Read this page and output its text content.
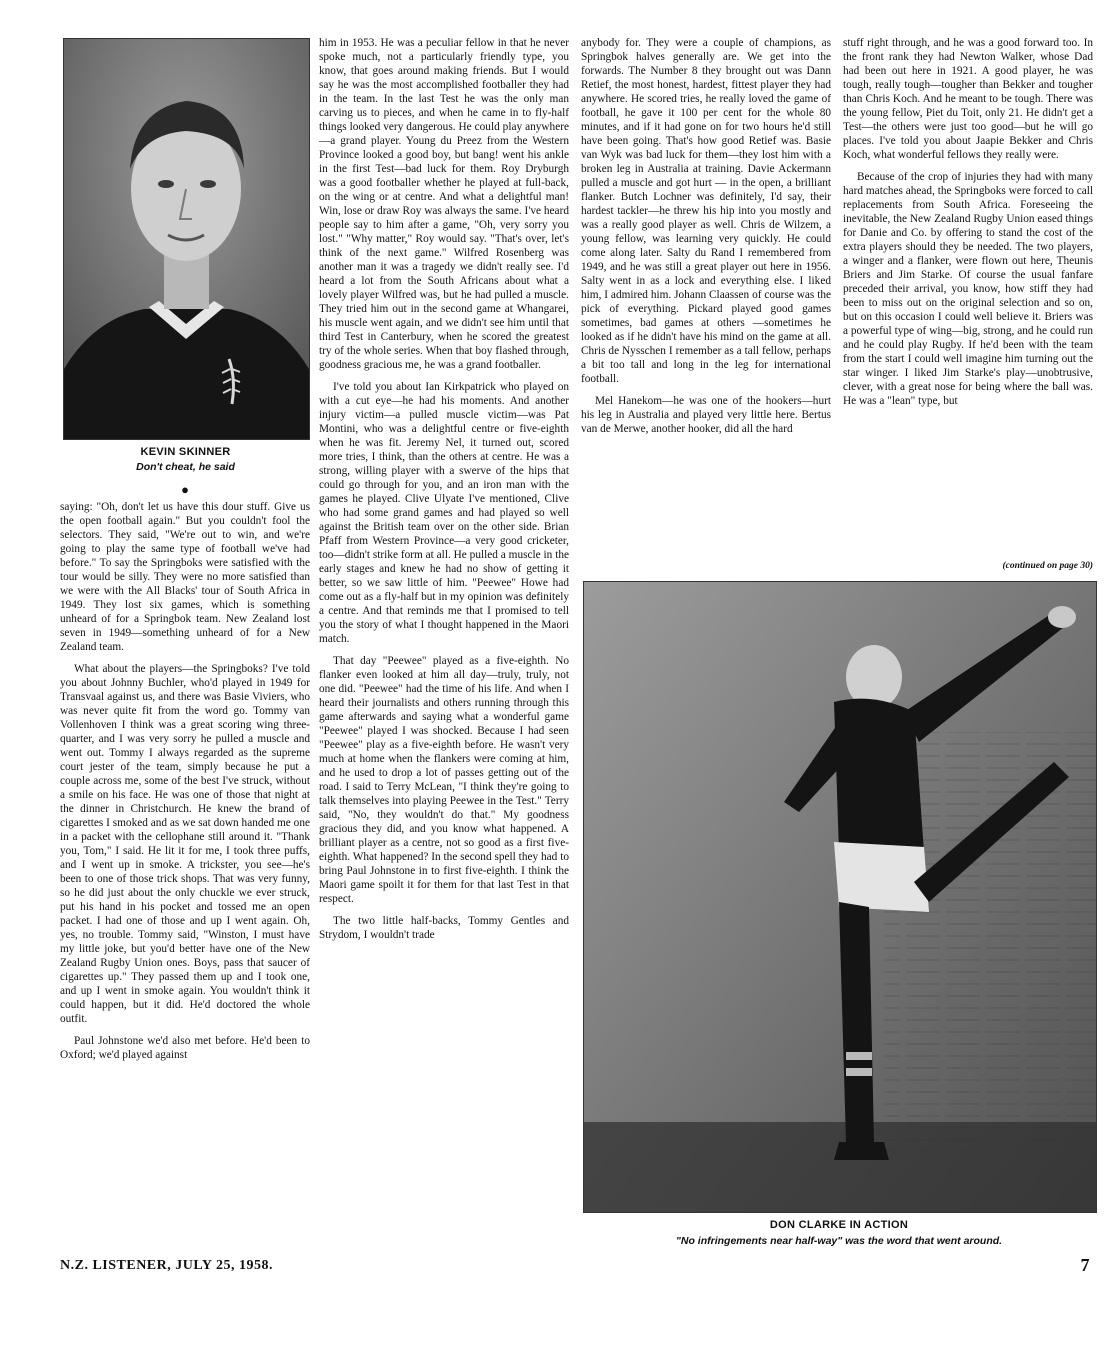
KEVIN SKINNER
Don't cheat, he said
●

saying: "Oh, don't let us have this dour stuff. Give us the open football again." But you couldn't fool the selectors. They said, "We're out to win, and we're going to play the same type of football we've had before." To say the Springboks were satisfied with the tour would be silly. They were no more satisfied than we were with the All Blacks' tour of South Africa in 1949. They lost six games, which is something unheard of for a Springbok team. New Zealand lost seven in 1949—something unheard of for a New Zealand team.

What about the players—the Springboks? I've told you about Johnny Buchler, who'd played in 1949 for Transvaal against us, and there was Basie Viviers, who was never quite fit from the word go. Tommy van Vollenhoven I think was a great scoring wing three-quarter, and I was very sorry he pulled a muscle and went out. Tommy I always regarded as the supreme court jester of the team, simply because he put a couple across me, some of the best I've struck, without a smile on his face. He was one of those that night at the dinner in Christchurch. He knew the brand of cigarettes I smoked and as we sat down handed me one in a packet with the cellophane still around it. "Thank you, Tom," I said. He lit it for me, I took three puffs, and I went up in smoke. A trickster, you see—he's been to one of those trick shops. That was very funny, so he did just about the only chuckle we ever struck, put his hand in his pocket and tossed me an open packet. I had one of those and up I went again. Oh, yes, no trouble. Tommy said, "Winston, I must have my little joke, but you'd better have one of the New Zealand Rugby Union ones. Boys, pass that saucer of cigarettes up." They passed them up and I took one, and up I went in smoke again. You wouldn't think it could happen, but it did. He'd doctored the whole outfit.

Paul Johnstone we'd also met before. He'd been to Oxford; we'd played against

him in 1953. He was a peculiar fellow in that he never spoke much, not a particularly friendly type, you know, that goes around making friends. But I would say he was the most accomplished footballer they had in the team. In the last Test he was the only man carving us to pieces, and when he came in to fly-half things looked very dangerous. He could play anywhere—a grand player. Young du Preez from the Western Province looked a good boy, but bang! went his ankle in the first Test—bad luck for them. Roy Dryburgh was a good footballer whether he played at full-back, on the wing or at centre. And what a delightful man! Win, lose or draw Roy was always the same. I've heard people say to him after a game, "Oh, very sorry you lost." "Why matter," Roy would say. "That's over, let's think of the next game." Wilfred Rosenberg was another man it was a tragedy we didn't really see. I'd heard a lot from the South Africans about what a lovely player Wilfred was, but he had pulled a muscle. They tried him out in the second game at Whangarei, his muscle went again, and we didn't see him until that third Test in Canterbury, when he scored the greatest try of the whole series. When that boy flashed through, goodness gracious me, he was a grand footballer.

I've told you about Ian Kirkpatrick who played on with a cut eye—he had his moments. And another injury victim—a pulled muscle victim—was Pat Montini, who was a delightful centre or five-eighth when he was fit. Jeremy Nel, it turned out, scored more tries, I think, than the others at centre. He was a strong, willing player with a swerve of the hips that could go through for you, and an iron man with the games he played. Clive Ulyate I've mentioned, Clive who had some grand games and had played so well against the British team over on the other side. Brian Pfaff from Western Province—a very good cricketer, too—didn't strike form at all. He pulled a muscle in the early stages and knew he had no show of getting it better, so we saw little of him. "Peewee" Howe had come out as a fly-half but in my opinion was definitely a centre. And that reminds me that I promised to tell you the story of what I thought happened in the Maori match.

That day "Peewee" played as a five-eighth. No flanker even looked at him all day—truly, truly, not one did. "Peewee" had the time of his life. And when I heard their journalists and others running through this game afterwards and saying what a wonderful game "Peewee" played I was shocked. Because I had seen "Peewee" play as a five-eighth before. He wasn't very much at home when the flankers were coming at him, and he used to drop a lot of passes getting out of the road. I said to Terry McLean, "I think they're going to talk themselves into playing Peewee in the Test." Terry said, "No, they wouldn't do that." My goodness gracious they did, and you know what happened. A brilliant player as a centre, not so good as a first five-eighth. What happened? In the second spell they had to bring Paul Johnstone in to first five-eighth. I think the Maori game spoilt it for them for that last Test in that respect.

The two little half-backs, Tommy Gentles and Strydom, I wouldn't trade

anybody for. They were a couple of champions, as Springbok halves generally are. We get into the forwards. The Number 8 they brought out was Dann Retief, the most honest, hardest, fittest player they had anywhere. He scored tries, he really loved the game of football, he gave it 100 per cent for the whole 80 minutes, and if it had gone on for two hours he'd still have been going. That's how good Retief was. Basie van Wyk was bad luck for them—they lost him with a broken leg in Australia at training. Davie Ackermann pulled a muscle and got hurt — in the open, a brilliant flanker. Butch Lochner was definitely, I'd say, their hardest tackler—he threw his hip into you mostly and was a really good player as well. Chris de Wilzem, a young fellow, was learning very quickly. He could come along later. Salty du Rand I remembered from 1949, and he was still a great player out here in 1956. Salty went in as a lock and everything else. I liked him, I admired him. Johann Claassen of course was the pick of everything. Pickard played good games sometimes, bad games at others —sometimes he looked as if he didn't have his mind on the game at all. Chris de Nysschen I remember as a tall fellow, perhaps a bit too tall and long in the leg for international football.

Mel Hanekom—he was one of the hookers—hurt his leg in Australia and played very little here. Bertus van de Merwe, another hooker, did all the hard

stuff right through, and he was a good forward too. In the front rank they had Newton Walker, whose Dad had been out here in 1921. A good player, he was tough, really tough—tougher than Bekker and tougher than Chris Koch. And he meant to be tough. There was the young fellow, Piet du Toit, only 21. He didn't get a Test—the others were just too good—but he will go places. I've told you about Jaapie Bekker and Chris Koch, what wonderful fellows they really were.

Because of the crop of injuries they had with many hard matches ahead, the Springboks were forced to call replacements from South Africa. Foreseeing the inevitable, the New Zealand Rugby Union eased things for Danie and Co. by offering to stand the cost of the extra players should they be needed. The two players, a winger and a flanker, were flown out here, Theunis Briers and Jim Starke. Of course the usual fanfare preceded their arrival, you know, how stiff they had been to miss out on the original selection and so on, but on this occasion I could well believe it. Briers was a powerful type of wing—big, strong, and he could run and he could play Rugby. If he'd been with the team from the start I could well imagine him turning out the star winger. I liked Jim Starke's play—unobtrusive, clever, with a great nose for being where the ball was. He was a "lean" type, but

(continued on page 30)
DON CLARKE IN ACTION
"No infringements near half-way" was the word that went around.
N.Z. LISTENER, JULY 25, 1958.	7
